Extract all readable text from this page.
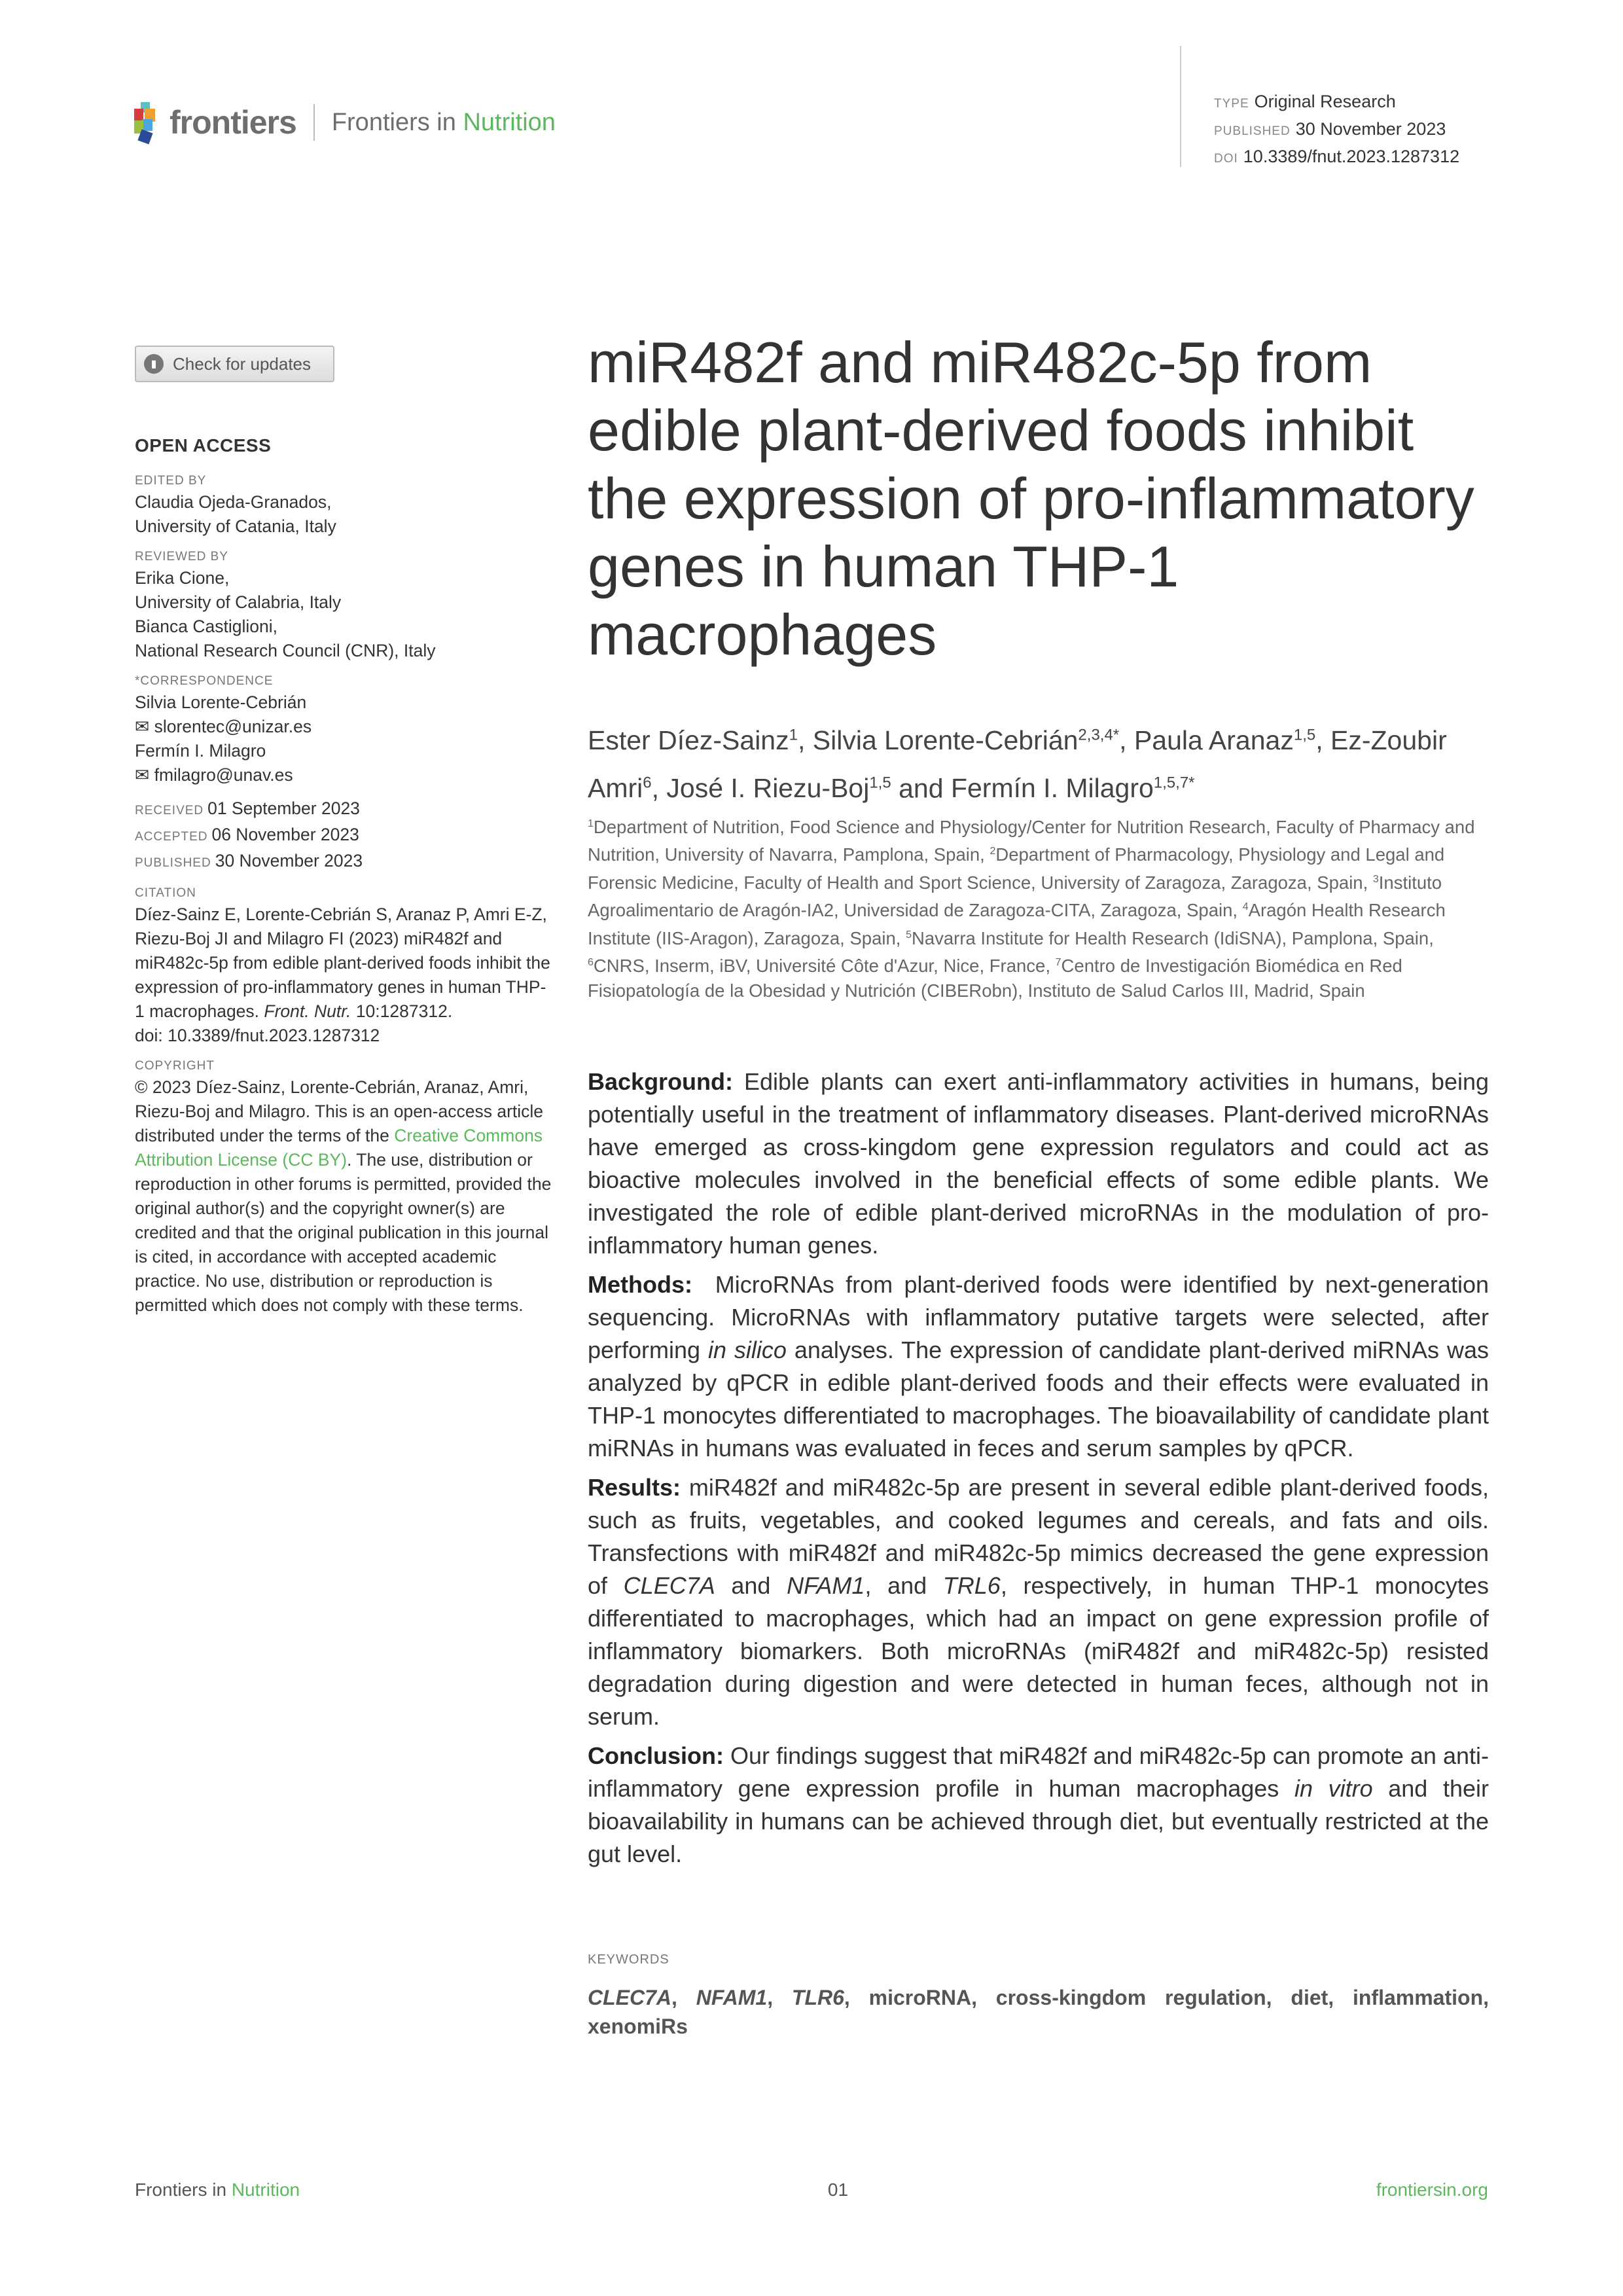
frontiers Frontiers in Nutrition
TYPE Original Research
PUBLISHED 30 November 2023
DOI 10.3389/fnut.2023.1287312
▮ Check for updates
OPEN ACCESS
EDITED BY
Claudia Ojeda-Granados,
University of Catania, Italy
REVIEWED BY
Erika Cione,
University of Calabria, Italy
Bianca Castiglioni,
National Research Council (CNR), Italy
*CORRESPONDENCE
Silvia Lorente-Cebrián
✉ slorentec@unizar.es
Fermín I. Milagro
✉ fmilagro@unav.es
RECEIVED 01 September 2023
ACCEPTED 06 November 2023
PUBLISHED 30 November 2023
CITATION
Díez-Sainz E, Lorente-Cebrián S, Aranaz P, Amri E-Z, Riezu-Boj JI and Milagro FI (2023) miR482f and miR482c-5p from edible plant-derived foods inhibit the expression of pro-inflammatory genes in human THP-1 macrophages. Front. Nutr. 10:1287312.
doi: 10.3389/fnut.2023.1287312
COPYRIGHT
© 2023 Díez-Sainz, Lorente-Cebrián, Aranaz, Amri, Riezu-Boj and Milagro. This is an open-access article distributed under the terms of the Creative Commons Attribution License (CC BY). The use, distribution or reproduction in other forums is permitted, provided the original author(s) and the copyright owner(s) are credited and that the original publication in this journal is cited, in accordance with accepted academic practice. No use, distribution or reproduction is permitted which does not comply with these terms.
miR482f and miR482c-5p from edible plant-derived foods inhibit the expression of pro-inflammatory genes in human THP-1 macrophages
Ester Díez-Sainz$^1$, Silvia Lorente-Cebrián$^{2,3,4*}$, Paula Aranaz$^{1,5}$, Ez-Zoubir Amri$^6$, José I. Riezu-Boj$^{1,5}$ and Fermín I. Milagro$^{1,5,7*}$
$^1$Department of Nutrition, Food Science and Physiology/Center for Nutrition Research, Faculty of Pharmacy and Nutrition, University of Navarra, Pamplona, Spain, $^2$Department of Pharmacology, Physiology and Legal and Forensic Medicine, Faculty of Health and Sport Science, University of Zaragoza, Zaragoza, Spain, $^3$Instituto Agroalimentario de Aragón-IA2, Universidad de Zaragoza-CITA, Zaragoza, Spain, $^4$Aragón Health Research Institute (IIS-Aragon), Zaragoza, Spain, $^5$Navarra Institute for Health Research (IdiSNA), Pamplona, Spain, $^6$CNRS, Inserm, iBV, Université Côte d'Azur, Nice, France, $^7$Centro de Investigación Biomédica en Red Fisiopatología de la Obesidad y Nutrición (CIBERobn), Instituto de Salud Carlos III, Madrid, Spain

Background: Edible plants can exert anti-inflammatory activities in humans, being potentially useful in the treatment of inflammatory diseases. Plant-derived microRNAs have emerged as cross-kingdom gene expression regulators and could act as bioactive molecules involved in the beneficial effects of some edible plants. We investigated the role of edible plant-derived microRNAs in the modulation of pro-inflammatory human genes.

Methods: MicroRNAs from plant-derived foods were identified by next-generation sequencing. MicroRNAs with inflammatory putative targets were selected, after performing in silico analyses. The expression of candidate plant-derived miRNAs was analyzed by qPCR in edible plant-derived foods and their effects were evaluated in THP-1 monocytes differentiated to macrophages. The bioavailability of candidate plant miRNAs in humans was evaluated in feces and serum samples by qPCR.

Results: miR482f and miR482c-5p are present in several edible plant-derived foods, such as fruits, vegetables, and cooked legumes and cereals, and fats and oils. Transfections with miR482f and miR482c-5p mimics decreased the gene expression of CLEC7A and NFAM1, and TRL6, respectively, in human THP-1 monocytes differentiated to macrophages, which had an impact on gene expression profile of inflammatory biomarkers. Both microRNAs (miR482f and miR482c-5p) resisted degradation during digestion and were detected in human feces, although not in serum.

Conclusion: Our findings suggest that miR482f and miR482c-5p can promote an anti-inflammatory gene expression profile in human macrophages in vitro and their bioavailability in humans can be achieved through diet, but eventually restricted at the gut level.

KEYWORDS
CLEC7A, NFAM1, TLR6, microRNA, cross-kingdom regulation, diet, inflammation, xenomiRs
Frontiers in Nutrition	01	frontiersin.org
